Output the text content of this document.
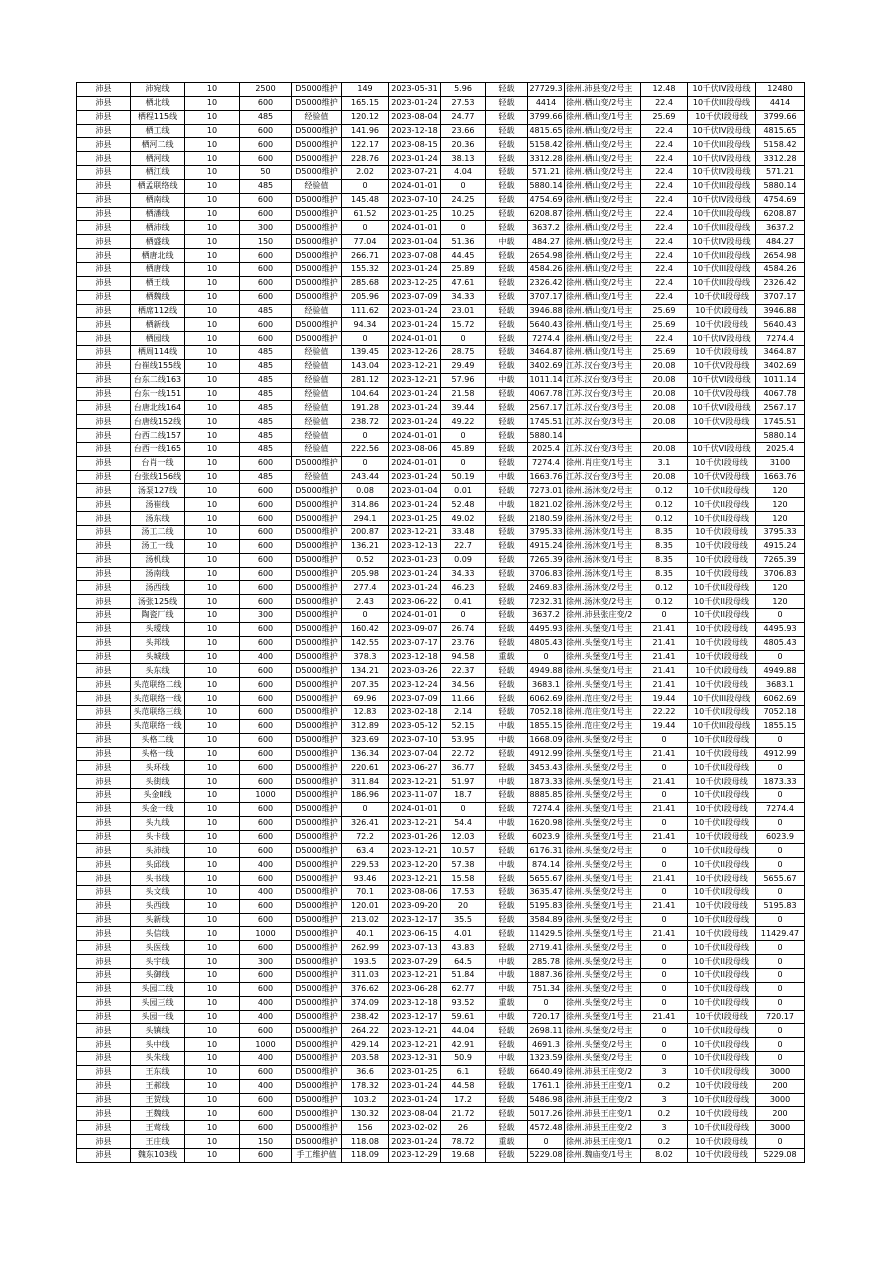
沛县	沛宛线	10	2500	D5000维护	149	2023-05-31	5.96	轻载	27729.3	徐州.沛县变/2号主	12.48	10千伏IV段母线	12480
沛县	栖北线	10	600	D5000维护	165.15	2023-01-24	27.53	轻载	4414	徐州.栖山变/2号主	22.4	10千伏III段母线	4414
沛县	栖程115线	10	485	经验值	120.12	2023-08-04	24.77	轻载	3799.66	徐州.栖山变/1号主	25.69	10千伏Ⅰ段母线	3799.66
沛县	栖工线	10	600	D5000维护	141.96	2023-12-18	23.66	轻载	4815.65	徐州.栖山变/2号主	22.4	10千伏IV段母线	4815.65
沛县	栖河二线	10	600	D5000维护	122.17	2023-08-15	20.36	轻载	5158.42	徐州.栖山变/2号主	22.4	10千伏III段母线	5158.42
沛县	栖河线	10	600	D5000维护	228.76	2023-01-24	38.13	轻载	3312.28	徐州.栖山变/2号主	22.4	10千伏IV段母线	3312.28
沛县	栖江线	10	50	D5000维护	2.02	2023-07-21	4.04	轻载	571.21	徐州.栖山变/2号主	22.4	10千伏IV段母线	571.21
沛县	栖孟联络线	10	485	经验值	0	2024-01-01	0	轻载	5880.14	徐州.栖山变/2号主	22.4	10千伏III段母线	5880.14
沛县	栖南线	10	600	D5000维护	145.48	2023-07-10	24.25	轻载	4754.69	徐州.栖山变/2号主	22.4	10千伏IV段母线	4754.69
沛县	栖潘线	10	600	D5000维护	61.52	2023-01-25	10.25	轻载	6208.87	徐州.栖山变/2号主	22.4	10千伏III段母线	6208.87
沛县	栖沛线	10	300	D5000维护	0	2024-01-01	0	轻载	3637.2	徐州.栖山变/2号主	22.4	10千伏III段母线	3637.2
沛县	栖盛线	10	150	D5000维护	77.04	2023-01-04	51.36	中载	484.27	徐州.栖山变/2号主	22.4	10千伏IV段母线	484.27
沛县	栖唐北线	10	600	D5000维护	266.71	2023-07-08	44.45	轻载	2654.98	徐州.栖山变/2号主	22.4	10千伏III段母线	2654.98
沛县	栖唐线	10	600	D5000维护	155.32	2023-01-24	25.89	轻载	4584.26	徐州.栖山变/2号主	22.4	10千伏III段母线	4584.26
沛县	栖王线	10	600	D5000维护	285.68	2023-12-25	47.61	轻载	2326.42	徐州.栖山变/2号主	22.4	10千伏III段母线	2326.42
沛县	栖魏线	10	600	D5000维护	205.96	2023-07-09	34.33	轻载	3707.17	徐州.栖山变/1号主	22.4	10千伏II段母线	3707.17
沛县	栖席112线	10	485	经验值	111.62	2023-01-24	23.01	轻载	3946.88	徐州.栖山变/1号主	25.69	10千伏Ⅰ段母线	3946.88
沛县	栖新线	10	600	D5000维护	94.34	2023-01-24	15.72	轻载	5640.43	徐州.栖山变/1号主	25.69	10千伏Ⅰ段母线	5640.43
沛县	栖园线	10	600	D5000维护	0	2024-01-01	0	轻载	7274.4	徐州.栖山变/2号主	22.4	10千伏IV段母线	7274.4
沛县	栖周114线	10	485	经验值	139.45	2023-12-26	28.75	轻载	3464.87	徐州.栖山变/1号主	25.69	10千伏Ⅰ段母线	3464.87
沛县	台崔线155线	10	485	经验值	143.04	2023-12-21	29.49	轻载	3402.69	江苏.汉台变/3号主	20.08	10千伏V段母线	3402.69
沛县	台东二线163	10	485	经验值	281.12	2023-12-21	57.96	中载	1011.14	江苏.汉台变/3号主	20.08	10千伏VI段母线	1011.14
沛县	台东一线151	10	485	经验值	104.64	2023-01-24	21.58	轻载	4067.78	江苏.汉台变/3号主	20.08	10千伏V段母线	4067.78
沛县	台唐北线164	10	485	经验值	191.28	2023-01-24	39.44	轻载	2567.17	江苏.汉台变/3号主	20.08	10千伏VI段母线	2567.17
沛县	台唐线152线	10	485	经验值	238.72	2023-01-24	49.22	轻载	1745.51	江苏.汉台变/3号主	20.08	10千伏V段母线	1745.51
沛县	台西二线157	10	485	经验值	0	2024-01-01	0	轻载	5880.14				5880.14
沛县	台西一线165	10	485	经验值	222.56	2023-08-06	45.89	轻载	2025.4	江苏.汉台变/3号主	20.08	10千伏VI段母线	2025.4
沛县	台肖一线	10	600	D5000维护	0	2024-01-01	0	轻载	7274.4	徐州.肖庄变/1号主	3.1	10千伏Ⅰ段母线	3100
沛县	台张线156线	10	485	经验值	243.44	2023-01-24	50.19	中载	1663.76	江苏.汉台变/3号主	20.08	10千伏V段母线	1663.76
沛县	汤泵127线	10	600	D5000维护	0.08	2023-01-04	0.01	轻载	7273.01	徐州.汤沐变/2号主	0.12	10千伏II段母线	120
沛县	汤崔线	10	600	D5000维护	314.86	2023-01-24	52.48	中载	1821.02	徐州.汤沐变/2号主	0.12	10千伏II段母线	120
沛县	汤东线	10	600	D5000维护	294.1	2023-01-25	49.02	轻载	2180.59	徐州.汤沐变/2号主	0.12	10千伏II段母线	120
沛县	汤工二线	10	600	D5000维护	200.87	2023-12-21	33.48	轻载	3795.33	徐州.汤沐变/1号主	8.35	10千伏Ⅰ段母线	3795.33
沛县	汤工一线	10	600	D5000维护	136.21	2023-12-13	22.7	轻载	4915.24	徐州.汤沐变/1号主	8.35	10千伏Ⅰ段母线	4915.24
沛县	汤机线	10	600	D5000维护	0.52	2023-01-23	0.09	轻载	7265.39	徐州.汤沐变/1号主	8.35	10千伏Ⅰ段母线	7265.39
沛县	汤南线	10	600	D5000维护	205.98	2023-01-24	34.33	轻载	3706.83	徐州.汤沐变/1号主	8.35	10千伏Ⅰ段母线	3706.83
沛县	汤西线	10	600	D5000维护	277.4	2023-01-24	46.23	轻载	2469.83	徐州.汤沐变/2号主	0.12	10千伏II段母线	120
沛县	汤张125线	10	600	D5000维护	2.43	2023-06-22	0.41	轻载	7232.31	徐州.汤沐变/2号主	0.12	10千伏II段母线	120
沛县	陶瓷厂线	10	300	D5000维护	0	2024-01-01	0	轻载	3637.2	徐州.沛县张庄变/2	0	10千伏II段母线	0
沛县	头瑷线	10	600	D5000维护	160.42	2023-09-07	26.74	轻载	4495.93	徐州.头堡变/1号主	21.41	10千伏Ⅰ段母线	4495.93
沛县	头邦线	10	600	D5000维护	142.55	2023-07-17	23.76	轻载	4805.43	徐州.头堡变/1号主	21.41	10千伏Ⅰ段母线	4805.43
沛县	头城线	10	400	D5000维护	378.3	2023-12-18	94.58	重载	0	徐州.头堡变/1号主	21.41	10千伏Ⅰ段母线	0
沛县	头东线	10	600	D5000维护	134.21	2023-03-26	22.37	轻载	4949.88	徐州.头堡变/1号主	21.41	10千伏Ⅰ段母线	4949.88
沛县	头范联络二线	10	600	D5000维护	207.35	2023-12-24	34.56	轻载	3683.1	徐州.头堡变/1号主	21.41	10千伏Ⅰ段母线	3683.1
沛县	头范联络一线	10	600	D5000维护	69.96	2023-07-09	11.66	轻载	6062.69	徐州.范庄变/2号主	19.44	10千伏III段母线	6062.69
沛县	头范联络三线	10	600	D5000维护	12.83	2023-02-18	2.14	轻载	7052.18	徐州.范庄变/1号主	22.22	10千伏II段母线	7052.18
沛县	头范联络一线	10	600	D5000维护	312.89	2023-05-12	52.15	中载	1855.15	徐州.范庄变/2号主	19.44	10千伏III段母线	1855.15
沛县	头格二线	10	600	D5000维护	323.69	2023-07-10	53.95	中载	1668.09	徐州.头堡变/2号主	0	10千伏II段母线	0
沛县	头格一线	10	600	D5000维护	136.34	2023-07-04	22.72	轻载	4912.99	徐州.头堡变/1号主	21.41	10千伏Ⅰ段母线	4912.99
沛县	头环线	10	600	D5000维护	220.61	2023-06-27	36.77	轻载	3453.43	徐州.头堡变/2号主	0	10千伏II段母线	0
沛县	头街线	10	600	D5000维护	311.84	2023-12-21	51.97	中载	1873.33	徐州.头堡变/1号主	21.41	10千伏Ⅰ段母线	1873.33
沛县	头金Ⅱ线	10	1000	D5000维护	186.96	2023-11-07	18.7	轻载	8885.85	徐州.头堡变/2号主	0	10千伏II段母线	0
沛县	头金一线	10	600	D5000维护	0	2024-01-01	0	轻载	7274.4	徐州.头堡变/1号主	21.41	10千伏Ⅰ段母线	7274.4
沛县	头九线	10	600	D5000维护	326.41	2023-12-21	54.4	中载	1620.98	徐州.头堡变/2号主	0	10千伏II段母线	0
沛县	头卡线	10	600	D5000维护	72.2	2023-01-26	12.03	轻载	6023.9	徐州.头堡变/1号主	21.41	10千伏Ⅰ段母线	6023.9
沛县	头沛线	10	600	D5000维护	63.4	2023-12-21	10.57	轻载	6176.31	徐州.头堡变/2号主	0	10千伏II段母线	0
沛县	头邱线	10	400	D5000维护	229.53	2023-12-20	57.38	中载	874.14	徐州.头堡变/2号主	0	10千伏II段母线	0
沛县	头书线	10	600	D5000维护	93.46	2023-12-21	15.58	轻载	5655.67	徐州.头堡变/1号主	21.41	10千伏Ⅰ段母线	5655.67
沛县	头文线	10	400	D5000维护	70.1	2023-08-06	17.53	轻载	3635.47	徐州.头堡变/2号主	0	10千伏II段母线	0
沛县	头西线	10	600	D5000维护	120.01	2023-09-20	20	轻载	5195.83	徐州.头堡变/1号主	21.41	10千伏Ⅰ段母线	5195.83
沛县	头新线	10	600	D5000维护	213.02	2023-12-17	35.5	轻载	3584.89	徐州.头堡变/2号主	0	10千伏II段母线	0
沛县	头信线	10	1000	D5000维护	40.1	2023-06-15	4.01	轻载	11429.5	徐州.头堡变/1号主	21.41	10千伏Ⅰ段母线	11429.47
沛县	头医线	10	600	D5000维护	262.99	2023-07-13	43.83	轻载	2719.41	徐州.头堡变/2号主	0	10千伏II段母线	0
沛县	头宇线	10	300	D5000维护	193.5	2023-07-29	64.5	中载	285.78	徐州.头堡变/2号主	0	10千伏II段母线	0
沛县	头御线	10	600	D5000维护	311.03	2023-12-21	51.84	中载	1887.36	徐州.头堡变/2号主	0	10千伏II段母线	0
沛县	头园二线	10	600	D5000维护	376.62	2023-06-28	62.77	中载	751.34	徐州.头堡变/2号主	0	10千伏II段母线	0
沛县	头园三线	10	400	D5000维护	374.09	2023-12-18	93.52	重载	0	徐州.头堡变/2号主	0	10千伏II段母线	0
沛县	头园一线	10	400	D5000维护	238.42	2023-12-17	59.61	中载	720.17	徐州.头堡变/1号主	21.41	10千伏Ⅰ段母线	720.17
沛县	头镇线	10	600	D5000维护	264.22	2023-12-21	44.04	轻载	2698.11	徐州.头堡变/2号主	0	10千伏II段母线	0
沛县	头中线	10	1000	D5000维护	429.14	2023-12-21	42.91	轻载	4691.3	徐州.头堡变/2号主	0	10千伏II段母线	0
沛县	头朱线	10	400	D5000维护	203.58	2023-12-31	50.9	中载	1323.59	徐州.头堡变/2号主	0	10千伏II段母线	0
沛县	王东线	10	600	D5000维护	36.6	2023-01-25	6.1	轻载	6640.49	徐州.沛县王庄变/2	3	10千伏II段母线	3000
沛县	王郝线	10	400	D5000维护	178.32	2023-01-24	44.58	轻载	1761.1	徐州.沛县王庄变/1	0.2	10千伏Ⅰ段母线	200
沛县	王贺线	10	600	D5000维护	103.2	2023-01-24	17.2	轻载	5486.98	徐州.沛县王庄变/2	3	10千伏II段母线	3000
沛县	王魏线	10	600	D5000维护	130.32	2023-08-04	21.72	轻载	5017.26	徐州.沛县王庄变/1	0.2	10千伏Ⅰ段母线	200
沛县	王莺线	10	600	D5000维护	156	2023-02-02	26	轻载	4572.48	徐州.沛县王庄变/2	3	10千伏II段母线	3000
沛县	王庄线	10	150	D5000维护	118.08	2023-01-24	78.72	重载	0	徐州.沛县王庄变/1	0.2	10千伏Ⅰ段母线	0
沛县	魏东103线	10	600	手工维护值	118.09	2023-12-29	19.68	轻载	5229.08	徐州.魏庙变/1号主	8.02	10千伏Ⅰ段母线	5229.08
